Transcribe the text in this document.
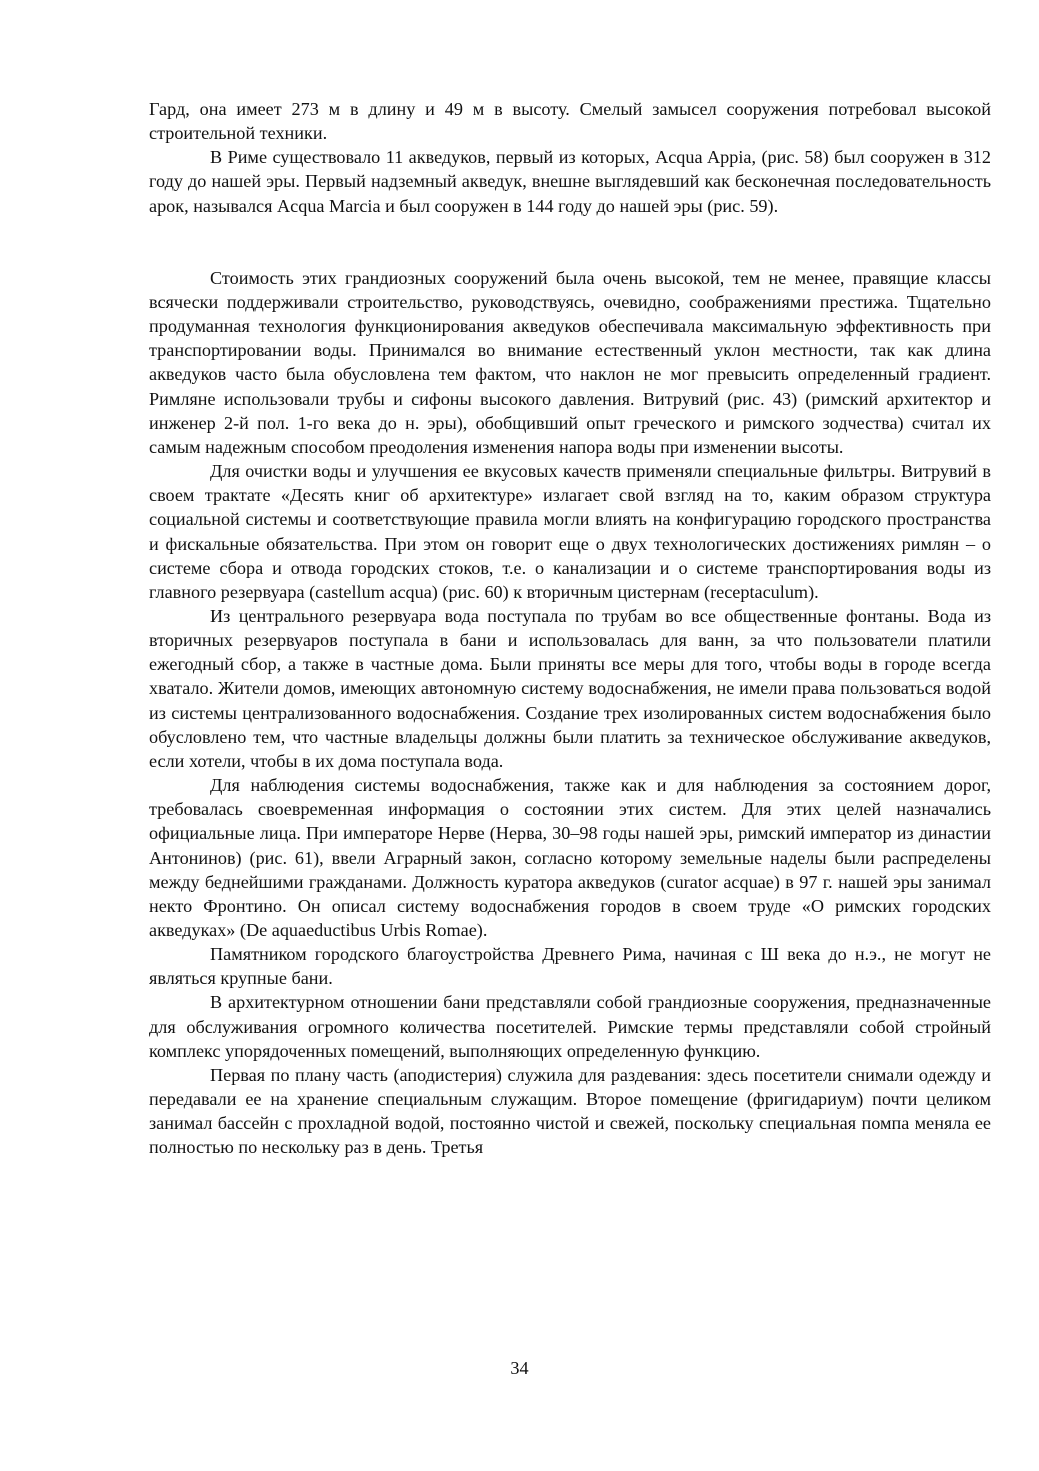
Гард, она имеет 273 м в длину и 49 м в высоту. Смелый замысел сооружения потребовал высокой строительной техники.

В Риме существовало 11 акведуков, первый из которых, Acqua Appia, (рис. 58) был сооружен в 312 году до нашей эры. Первый надземный акведук, внешне выглядевший как бесконечная последовательность арок, назывался Acqua Marcia и был сооружен в 144 году до нашей эры (рис. 59).

Стоимость этих грандиозных сооружений была очень высокой, тем не менее, правящие классы всячески поддерживали строительство, руководствуясь, очевидно, соображениями престижа. Тщательно продуманная технология функционирования акведуков обеспечивала максимальную эффективность при транспортировании воды. Принимался во внимание естественный уклон местности, так как длина акведуков часто была обусловлена тем фактом, что наклон не мог превысить определенный градиент. Римляне использовали трубы и сифоны высокого давления. Витрувий (рис. 43) (римский архитектор и инженер 2-й пол. 1-го века до н. эры), обобщивший опыт греческого и римского зодчества) считал их самым надежным способом преодоления изменения напора воды при изменении высоты.

Для очистки воды и улучшения ее вкусовых качеств применяли специальные фильтры. Витрувий в своем трактате «Десять книг об архитектуре» излагает свой взгляд на то, каким образом структура социальной системы и соответствующие правила могли влиять на конфигурацию городского пространства и фискальные обязательства. При этом он говорит еще о двух технологических достижениях римлян – о системе сбора и отвода городских стоков, т.е. о канализации и о системе транспортирования воды из главного резервуара (castellum acqua) (рис. 60) к вторичным цистернам (receptaculum).

Из центрального резервуара вода поступала по трубам во все общественные фонтаны. Вода из вторичных резервуаров поступала в бани и использовалась для ванн, за что пользователи платили ежегодный сбор, а также в частные дома. Были приняты все меры для того, чтобы воды в городе всегда хватало. Жители домов, имеющих автономную систему водоснабжения, не имели права пользоваться водой из системы централизованного водоснабжения. Создание трех изолированных систем водоснабжения было обусловлено тем, что частные владельцы должны были платить за техническое обслуживание акведуков, если хотели, чтобы в их дома поступала вода.

Для наблюдения системы водоснабжения, также как и для наблюдения за состоянием дорог, требовалась своевременная информация о состоянии этих систем. Для этих целей назначались официальные лица. При императоре Нерве (Нерва, 30–98 годы нашей эры, римский император из династии Антонинов) (рис. 61), ввели Аграрный закон, согласно которому земельные наделы были распределены между беднейшими гражданами. Должность куратора акведуков (curator acquae) в 97 г. нашей эры занимал некто Фронтино. Он описал систему водоснабжения городов в своем труде «О римских городских акведуках» (De aquaeductibus Urbis Romae).

Памятником городского благоустройства Древнего Рима, начиная с Ш века до н.э., не могут не являться крупные бани.

В архитектурном отношении бани представляли собой грандиозные сооружения, предназначенные для обслуживания огромного количества посетителей. Римские термы представляли собой стройный комплекс упорядоченных помещений, выполняющих определенную функцию.

Первая по плану часть (аподистерия) служила для раздевания: здесь посетители снимали одежду и передавали ее на хранение специальным служащим. Второе помещение (фригидариум) почти целиком занимал бассейн с прохладной водой, постоянно чистой и свежей, поскольку специальная помпа меняла ее полностью по нескольку раз в день. Третья

34
